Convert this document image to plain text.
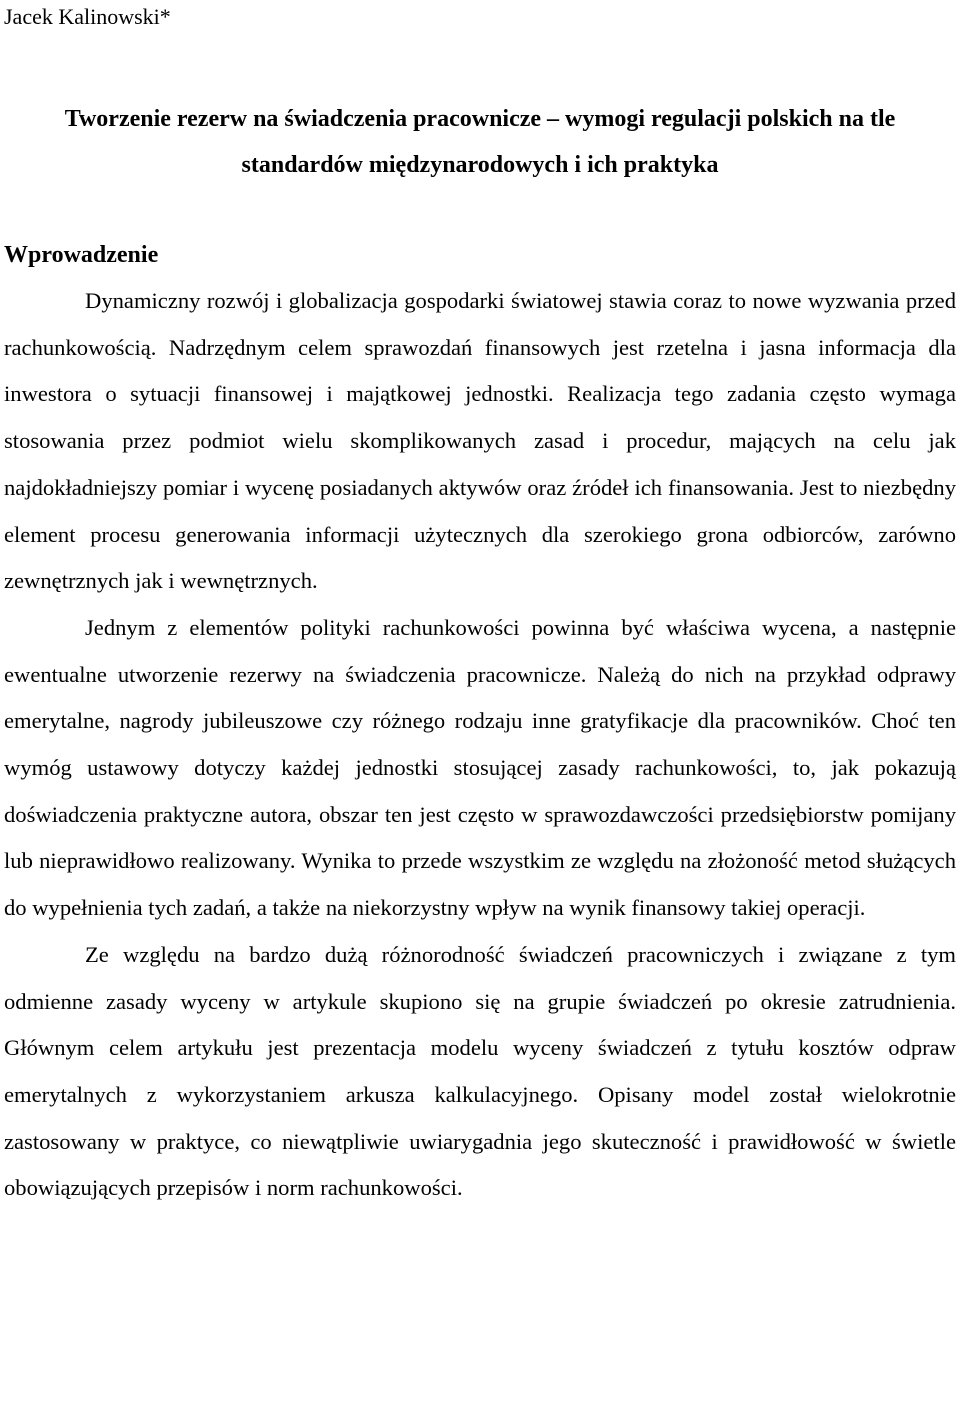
Jacek Kalinowski*
Tworzenie rezerw na świadczenia pracownicze – wymogi regulacji polskich na tle standardów międzynarodowych i ich praktyka
Wprowadzenie

Dynamiczny rozwój i globalizacja gospodarki światowej stawia coraz to nowe wyzwania przed rachunkowością. Nadrzędnym celem sprawozdań finansowych jest rzetelna i jasna informacja dla inwestora o sytuacji finansowej i majątkowej jednostki. Realizacja tego zadania często wymaga stosowania przez podmiot wielu skomplikowanych zasad i procedur, mających na celu jak najdokładniejszy pomiar i wycenę posiadanych aktywów oraz źródeł ich finansowania. Jest to niezbędny element procesu generowania informacji użytecznych dla szerokiego grona odbiorców, zarówno zewnętrznych jak i wewnętrznych.

Jednym z elementów polityki rachunkowości powinna być właściwa wycena, a następnie ewentualne utworzenie rezerwy na świadczenia pracownicze. Należą do nich na przykład odprawy emerytalne, nagrody jubileuszowe czy różnego rodzaju inne gratyfikacje dla pracowników. Choć ten wymóg ustawowy dotyczy każdej jednostki stosującej zasady rachunkowości, to, jak pokazują doświadczenia praktyczne autora, obszar ten jest często w sprawozdawczości przedsiębiorstw pomijany lub nieprawidłowo realizowany. Wynika to przede wszystkim ze względu na złożoność metod służących do wypełnienia tych zadań, a także na niekorzystny wpływ na wynik finansowy takiej operacji.

Ze względu na bardzo dużą różnorodność świadczeń pracowniczych i związane z tym odmienne zasady wyceny w artykule skupiono się na grupie świadczeń po okresie zatrudnienia. Głównym celem artykułu jest prezentacja modelu wyceny świadczeń z tytułu kosztów odpraw emerytalnych z wykorzystaniem arkusza kalkulacyjnego. Opisany model został wielokrotnie zastosowany w praktyce, co niewątpliwie uwiarygadnia jego skuteczność i prawidłowość w świetle obowiązujących przepisów i norm rachunkowości.
